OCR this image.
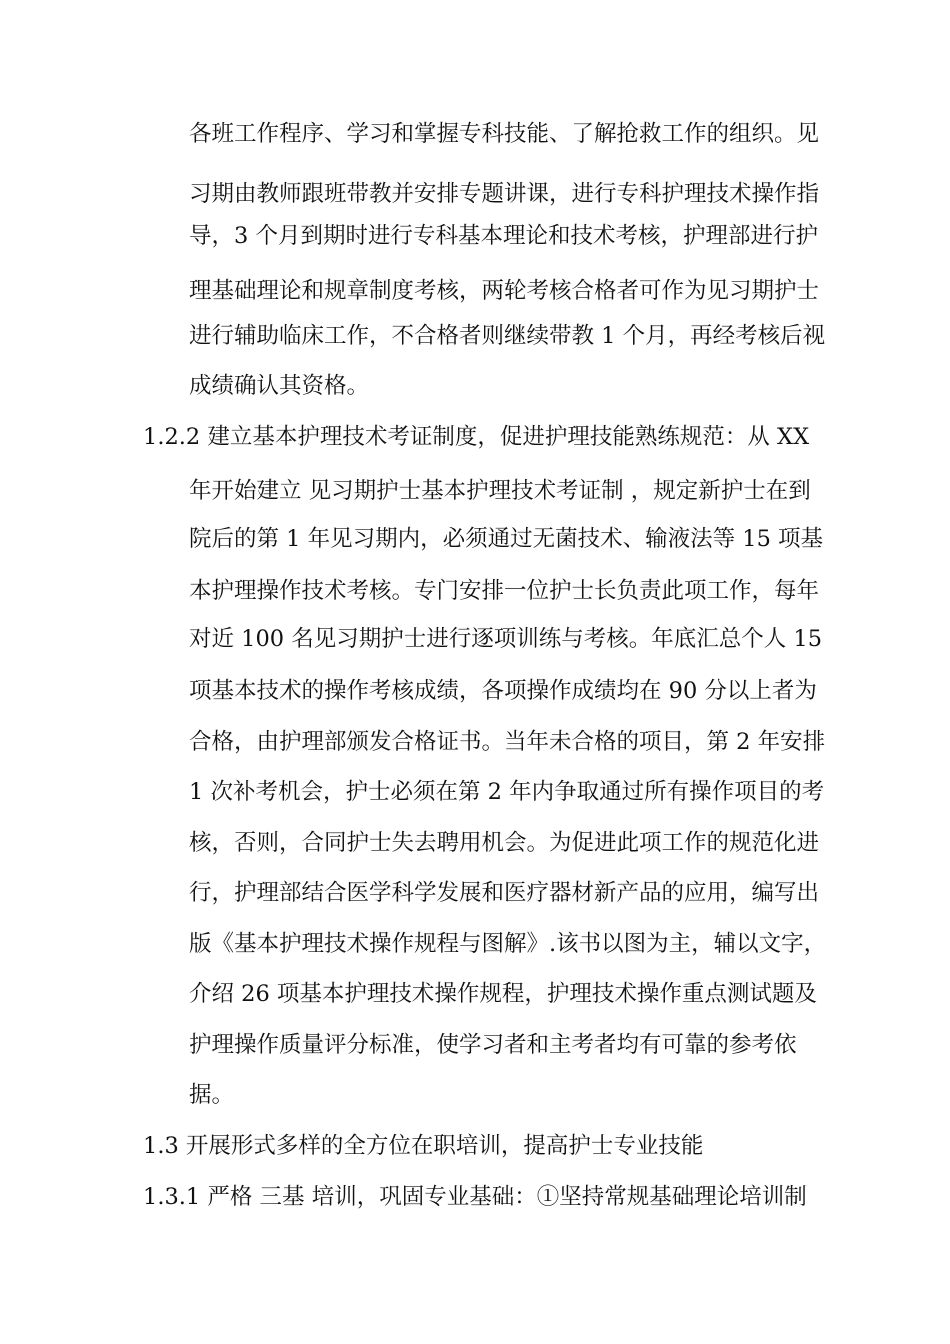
各班工作程序、学习和掌握专科技能、了解抢救工作的组织。见
习期由教师跟班带教并安排专题讲课，进行专科护理技术操作指
导，3 个月到期时进行专科基本理论和技术考核，护理部进行护
理基础理论和规章制度考核，两轮考核合格者可作为见习期护士
进行辅助临床工作，不合格者则继续带教 1 个月，再经考核后视
成绩确认其资格。
1.2.2 建立基本护理技术考证制度，促进护理技能熟练规范：从 XX
年开始建立 见习期护士基本护理技术考证制 ，规定新护士在到
院后的第 1 年见习期内，必须通过无菌技术、输液法等 15 项基
本护理操作技术考核。专门安排一位护士长负责此项工作，每年
对近 100 名见习期护士进行逐项训练与考核。年底汇总个人 15
项基本技术的操作考核成绩，各项操作成绩均在 90 分以上者为
合格，由护理部颁发合格证书。当年未合格的项目，第 2 年安排
1 次补考机会，护士必须在第 2 年内争取通过所有操作项目的考
核，否则，合同护士失去聘用机会。为促进此项工作的规范化进
行，护理部结合医学科学发展和医疗器材新产品的应用，编写出
版《基本护理技术操作规程与图解》.该书以图为主，辅以文字，
介绍 26 项基本护理技术操作规程，护理技术操作重点测试题及
护理操作质量评分标准，使学习者和主考者均有可靠的参考依
据。
1.3 开展形式多样的全方位在职培训，提高护士专业技能
1.3.1 严格 三基 培训，巩固专业基础：①坚持常规基础理论培训制
